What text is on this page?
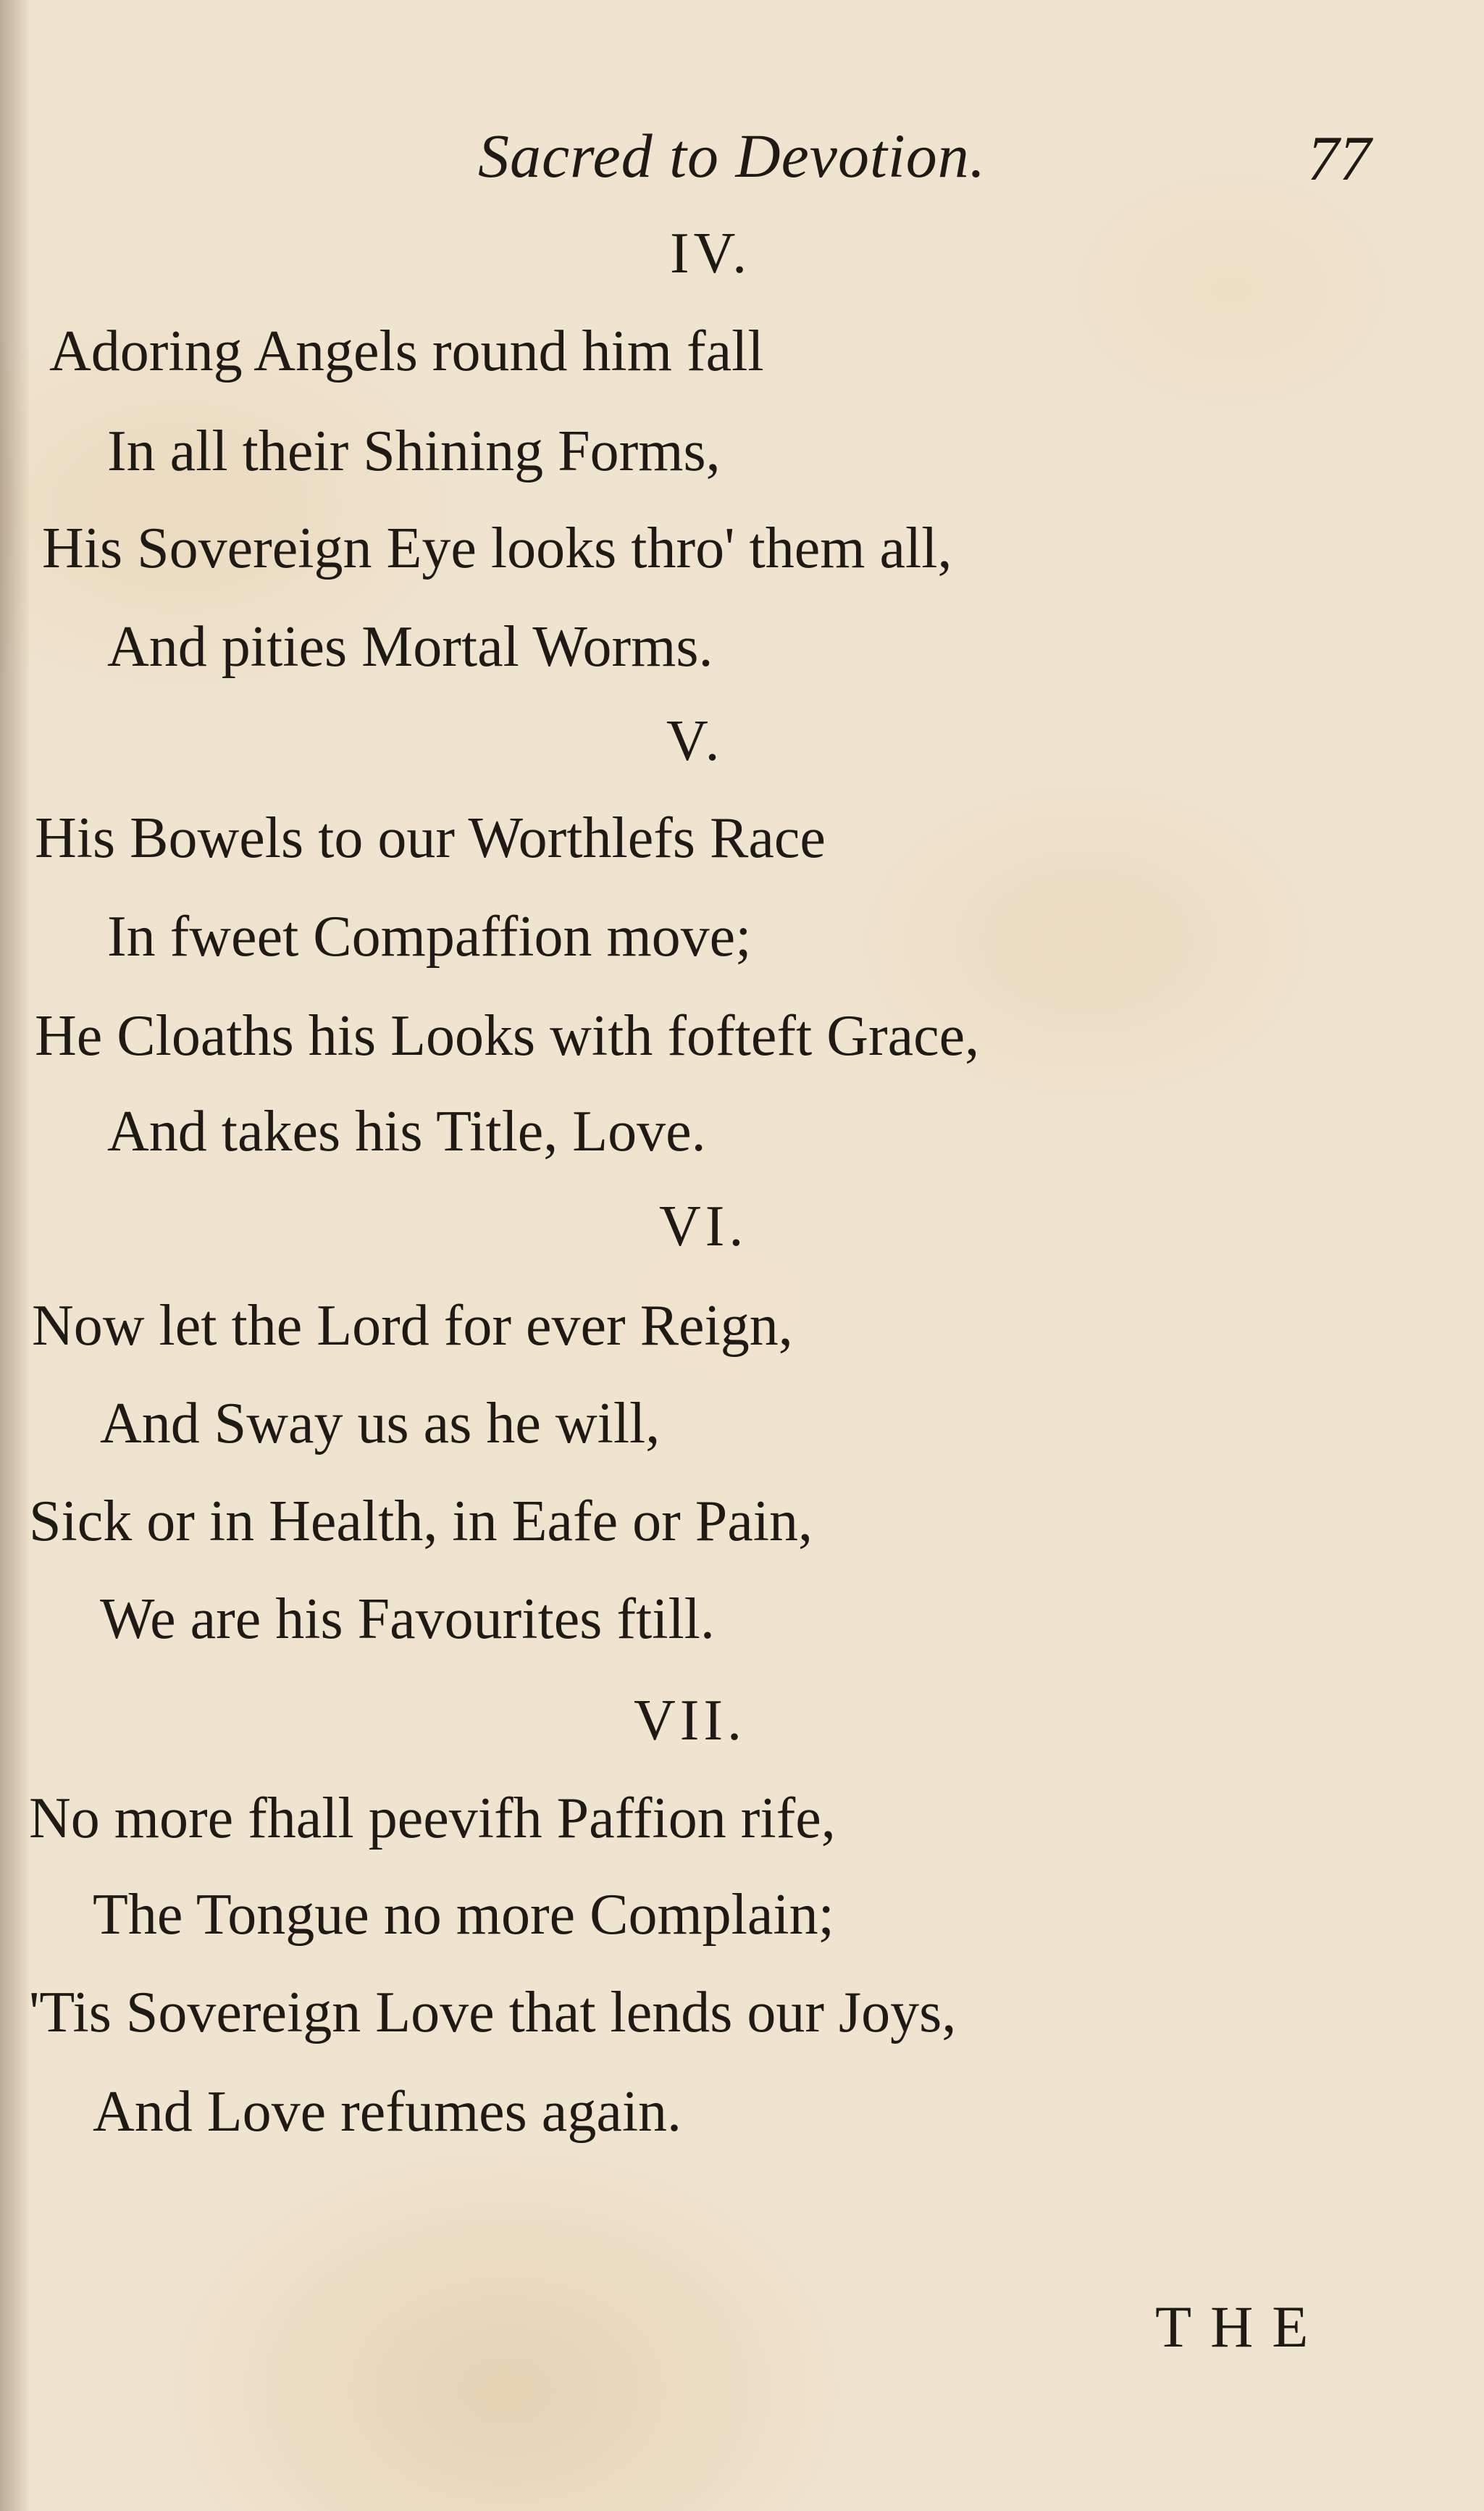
Sacred to Devotion.	77
IV.
Adoring Angels round him fall
In all their Shining Forms,
His Sovereign Eye looks thro' them all,
And pities Mortal Worms.
V.
His Bowels to our Worthlefs Race
In fweet Compaffion move;
He Cloaths his Looks with fofteft Grace,
And takes his Title, Love.
VI.
Now let the Lord for ever Reign,
And Sway us as he will,
Sick or in Health, in Eafe or Pain,
We are his Favourites ftill.
VII.
No more fhall peevifh Paffion rife,
The Tongue no more Complain;
'Tis Sovereign Love that lends our Joys,
And Love refumes again.
THE
